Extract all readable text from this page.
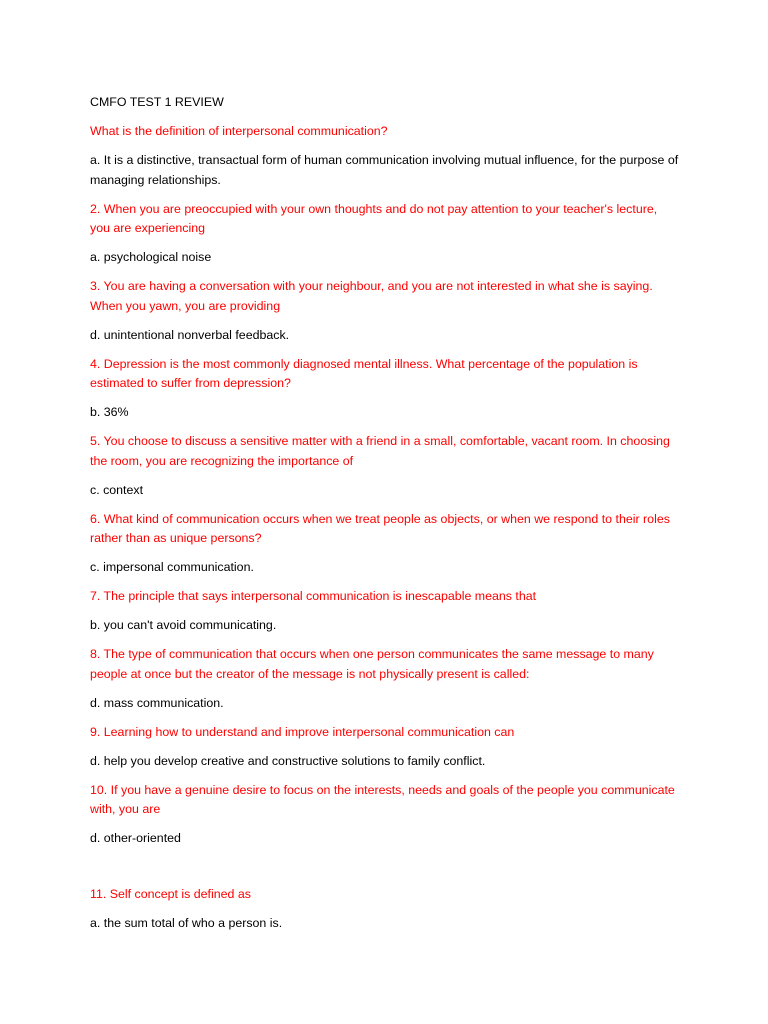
CMFO TEST 1 REVIEW

What is the definition of interpersonal communication?

a. It is a distinctive, transactual form of human communication involving mutual influence, for the purpose of managing relationships.

2. When you are preoccupied with your own thoughts and do not pay attention to your teacher's lecture, you are experiencing

a. psychological noise

3. You are having a conversation with your neighbour, and you are not interested in what she is saying. When you yawn, you are providing

d. unintentional nonverbal feedback.

4. Depression is the most commonly diagnosed mental illness. What percentage of the population is estimated to suffer from depression?

b. 36%

5. You choose to discuss a sensitive matter with a friend in a small, comfortable, vacant room. In choosing the room, you are recognizing the importance of

c. context

6. What kind of communication occurs when we treat people as objects, or when we respond to their roles rather than as unique persons?

c. impersonal communication.

7. The principle that says interpersonal communication is inescapable means that

b. you can't avoid communicating.

8. The type of communication that occurs when one person communicates the same message to many people at once but the creator of the message is not physically present is called:

d. mass communication.

9. Learning how to understand and improve interpersonal communication can

d. help you develop creative and constructive solutions to family conflict.

10. If you have a genuine desire to focus on the interests, needs and goals of the people you communicate with, you are

d. other-oriented

11. Self concept is defined as

a. the sum total of who a person is.
